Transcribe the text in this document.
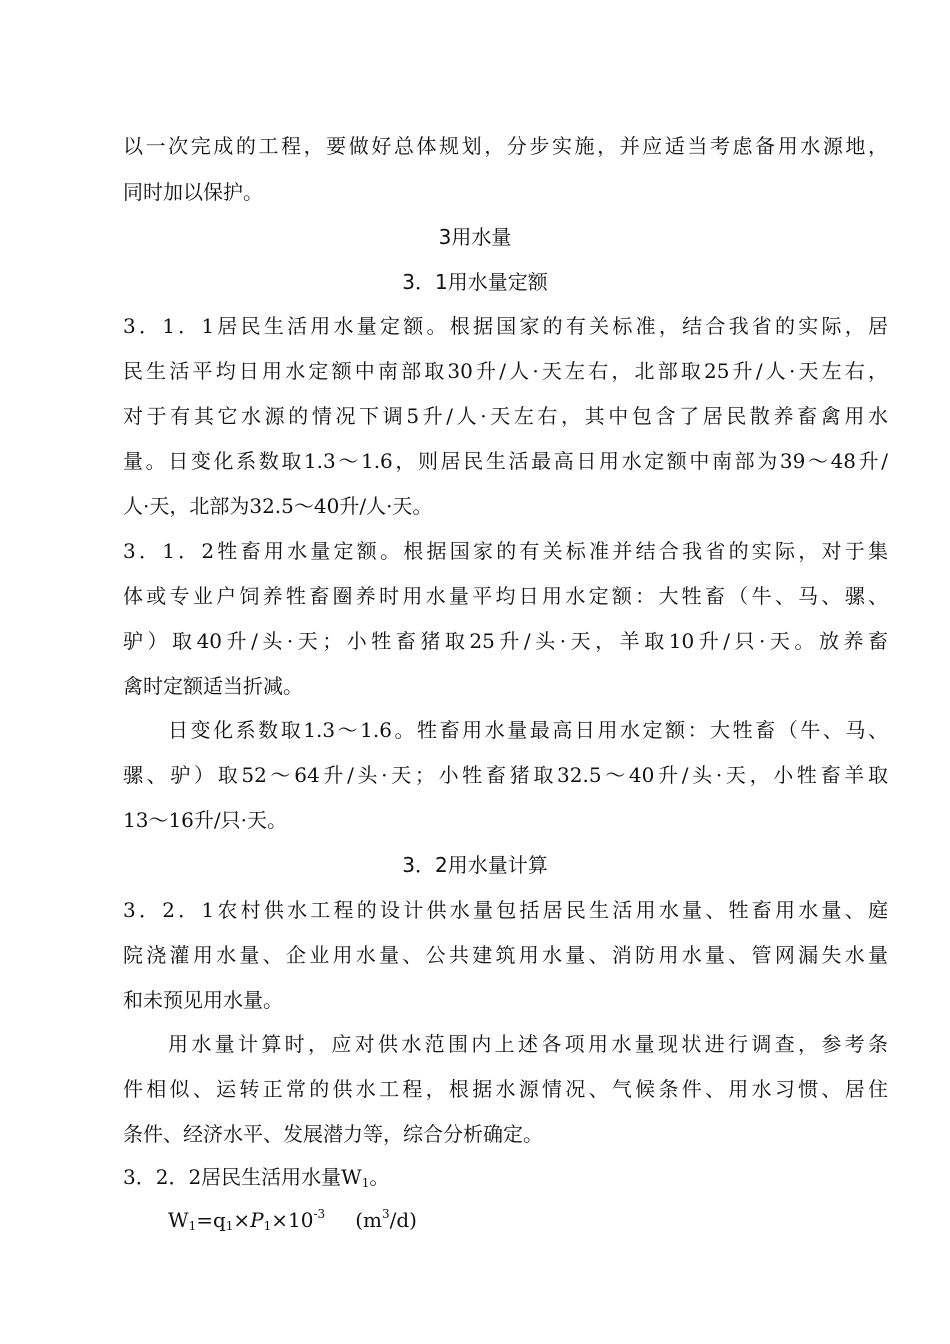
以一次完成的工程，要做好总体规划，分步实施，并应适当考虑备用水源地，
同时加以保护。
3用水量
3．1用水量定额
3．1．1居民生活用水量定额。根据国家的有关标准，结合我省的实际，居
民生活平均日用水定额中南部取30升/人·天左右，北部取25升/人·天左右，
对于有其它水源的情况下调5升/人·天左右，其中包含了居民散养畜禽用水
量。日变化系数取1.3～1.6，则居民生活最高日用水定额中南部为39～48升/
人·天，北部为32.5～40升/人·天。
3．1．2牲畜用水量定额。根据国家的有关标准并结合我省的实际，对于集
体或专业户饲养牲畜圈养时用水量平均日用水定额：大牲畜（牛、马、骡、
驴）取40升/头·天；小牲畜猪取25升/头·天，羊取10升/只·天。放养畜
禽时定额适当折减。
日变化系数取1.3～1.6。牲畜用水量最高日用水定额：大牲畜（牛、马、
骡、驴）取52～64升/头·天；小牲畜猪取32.5～40升/头·天，小牲畜羊取
13～16升/只·天。
3．2用水量计算
3．2．1农村供水工程的设计供水量包括居民生活用水量、牲畜用水量、庭
院浇灌用水量、企业用水量、公共建筑用水量、消防用水量、管网漏失水量
和未预见用水量。
用水量计算时，应对供水范围内上述各项用水量现状进行调查，参考条
件相似、运转正常的供水工程，根据水源情况、气候条件、用水习惯、居住
条件、经济水平、发展潜力等，综合分析确定。
3．2．2居民生活用水量$W_1$。
$W_1=q_1\times P_1\times 10^{-3}$ $(m^3/d)$
